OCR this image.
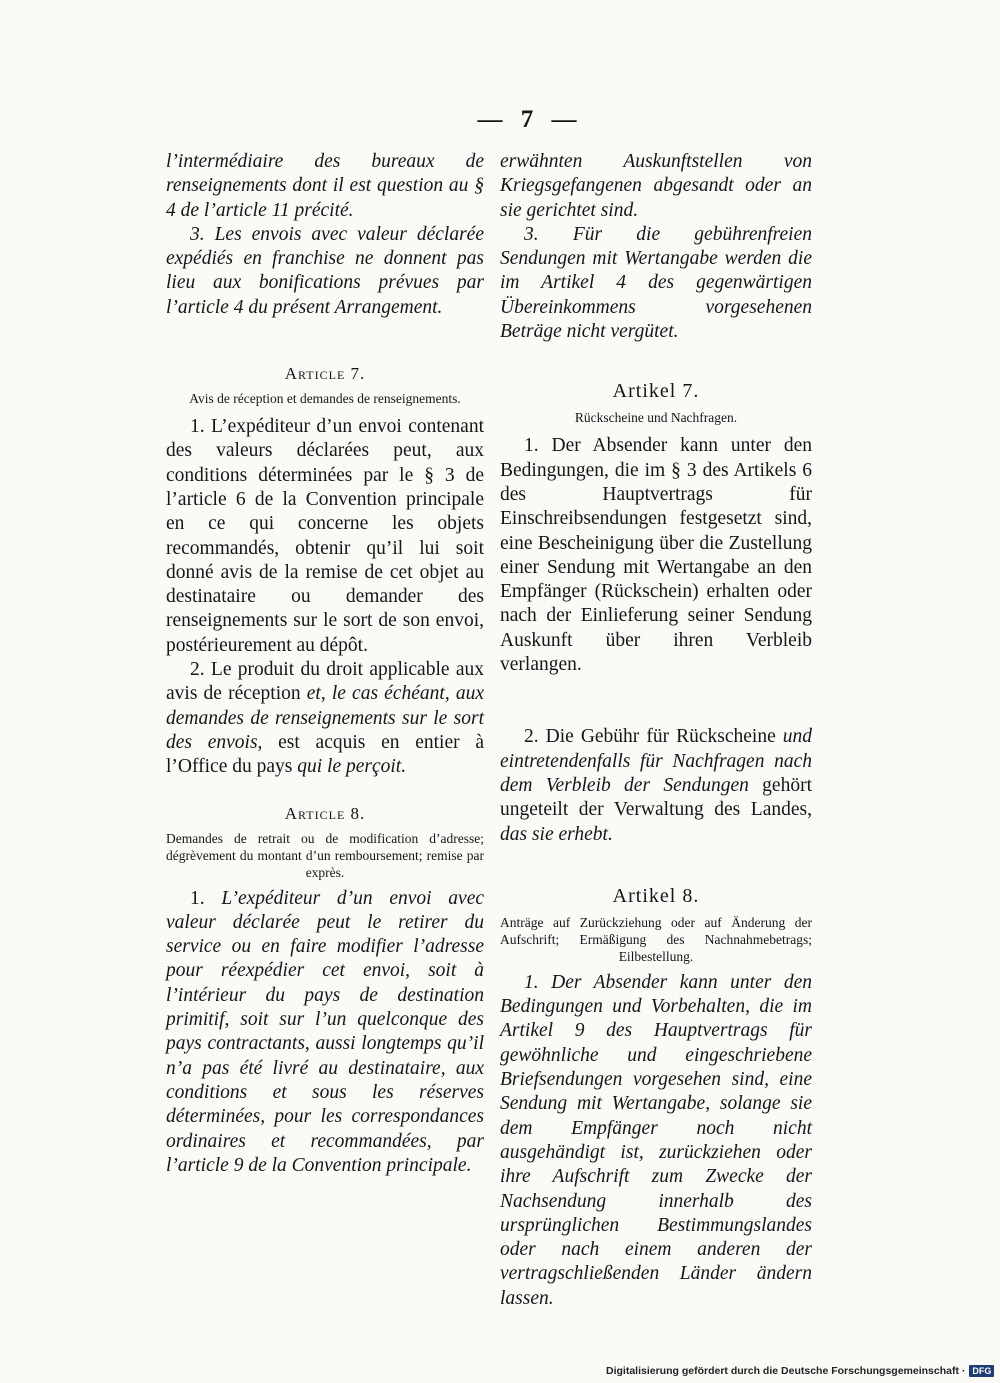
— 7 —

l’intermédiaire des bureaux de renseignements dont il est question au § 4 de l’article 11 précité.

3. Les envois avec valeur déclarée expédiés en franchise ne donnent pas lieu aux bonifications prévues par l’article 4 du présent Arrangement.

Article 7.

Avis de réception et demandes de renseignements.

1. L’expéditeur d’un envoi contenant des valeurs déclarées peut, aux conditions déterminées par le § 3 de l’article 6 de la Convention principale en ce qui concerne les objets recommandés, obtenir qu’il lui soit donné avis de la remise de cet objet au destinataire ou demander des renseignements sur le sort de son envoi, postérieurement au dépôt.

2. Le produit du droit applicable aux avis de réception et, le cas échéant, aux demandes de renseignements sur le sort des envois, est acquis en entier à l’Office du pays qui le perçoit.

Article 8.

Demandes de retrait ou de modification d’adresse; dégrèvement du montant d’un remboursement; remise par exprès.

1. L’expéditeur d’un envoi avec valeur déclarée peut le retirer du service ou en faire modifier l’adresse pour réexpédier cet envoi, soit à l’intérieur du pays de destination primitif, soit sur l’un quelconque des pays contractants, aussi longtemps qu’il n’a pas été livré au destinataire, aux conditions et sous les réserves déterminées, pour les correspondances ordinaires et recommandées, par l’article 9 de la Convention principale.

erwähnten Auskunftstellen von Kriegsgefangenen abgesandt oder an sie gerichtet sind.

3. Für die gebührenfreien Sendungen mit Wertangabe werden die im Artikel 4 des gegenwärtigen Übereinkommens vorgesehenen Beträge nicht vergütet.

Artikel 7.

Rückscheine und Nachfragen.

1. Der Absender kann unter den Bedingungen, die im § 3 des Artikels 6 des Hauptvertrags für Einschreibsendungen festgesetzt sind, eine Bescheinigung über die Zustellung einer Sendung mit Wertangabe an den Empfänger (Rückschein) erhalten oder nach der Einlieferung seiner Sendung Auskunft über ihren Verbleib verlangen.

2. Die Gebühr für Rückscheine und eintretendenfalls für Nachfragen nach dem Verbleib der Sendungen gehört ungeteilt der Verwaltung des Landes, das sie erhebt.

Artikel 8.

Anträge auf Zurückziehung oder auf Änderung der Aufschrift; Ermäßigung des Nachnahmebetrags; Eilbestellung.

1. Der Absender kann unter den Bedingungen und Vorbehalten, die im Artikel 9 des Hauptvertrags für gewöhnliche und eingeschriebene Briefsendungen vorgesehen sind, eine Sendung mit Wertangabe, solange sie dem Empfänger noch nicht ausgehändigt ist, zurückziehen oder ihre Aufschrift zum Zwecke der Nachsendung innerhalb des ursprünglichen Bestimmungslandes oder nach einem anderen der vertragschließenden Länder ändern lassen.

Digitalisierung gefördert durch die Deutsche Forschungsgemeinschaft · DFG
